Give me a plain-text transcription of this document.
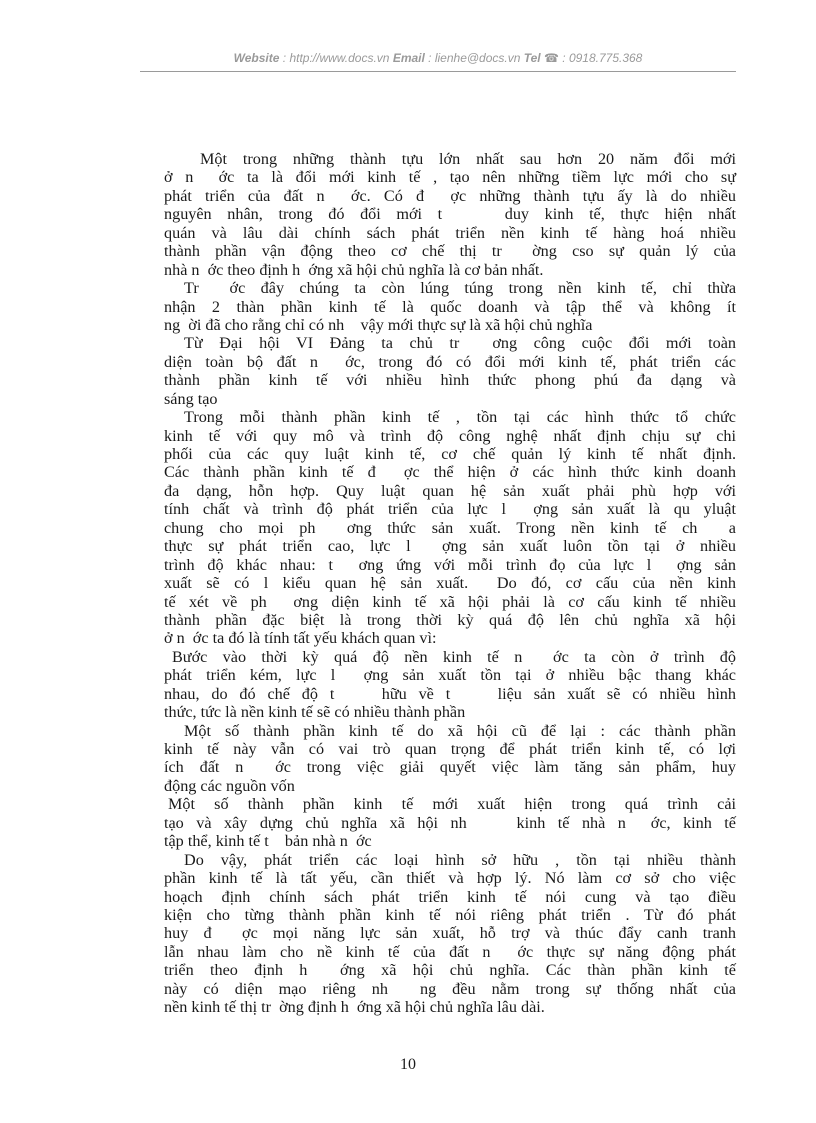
Website : http://www.docs.vn Email : lienhe@docs.vn Tel ☎ : 0918.775.368
Một trong những thành tựu lớn nhất sau hơn 20 năm đổi mới
ở n  ớc ta là đổi mới kinh tế , tạo nên những tiềm lực mới cho sự
phát triển của đất n  ớc. Có đ  ợc những thành tựu ấy là do nhiều
nguyên nhân, trong đó đổi mới t    duy kinh tế, thực hiện nhất
quán và lâu dài chính sách phát triển nền kinh tế hàng hoá nhiều
thành phần vận động theo cơ chế thị tr  ờng cso sự quản lý của
nhà n  ớc theo định h  ớng xã hội chủ nghĩa là cơ bản nhất.
Tr  ớc đây chúng ta còn lúng túng trong nền kinh tế, chỉ thừa
nhận 2 thàn phần kinh tế là quốc doanh và tập thể và không ít
ng  ời đã cho rằng chỉ có nh    vậy mới thực sự là xã hội chủ nghĩa
Từ Đại hội VI Đảng ta chủ tr  ơng công cuộc đổi mới toàn
diện toàn bộ đất n  ớc, trong đó có đổi mới kinh tế, phát triển các
thành phần kinh tế với nhiều hình thức phong phú đa dạng và
sáng tạo
Trong mỗi thành phần kinh tế , tồn tại các hình thức tổ chức
kinh tế với quy mô và trình độ công nghệ nhất định chịu sự chi
phối của các quy luật kinh tế, cơ chế quản lý kinh tế nhất định.
Các thành phần kinh tế đ  ợc thể hiện ở các hình thức kinh doanh
đa dạng, hỗn hợp. Quy luật quan hệ sản xuất phải phù hợp với
tính chất và trình độ phát triển của lực l  ợng sản xuất là qu yluật
chung cho mọi ph  ơng thức sản xuất. Trong nền kinh tế ch  a
thực sự phát triển cao, lực l  ợng sản xuất luôn tồn tại ở nhiều
trình độ khác nhau: t  ơng ứng với mỗi trình đọ của lực l  ợng sản
xuất sẽ có l kiểu quan hệ sản xuất.  Do đó, cơ cấu của nền kinh
tế xét về ph  ơng diện kinh tế xã hội phải là cơ cấu kinh tế nhiều
thành phần đặc biệt là trong thời kỳ quá độ lên chủ nghĩa xã hội
ở n  ớc ta đó là tính tất yếu khách quan vì:
Bước vào thời kỳ quá độ nền kinh tế n  ớc ta còn ở trình độ
phát triển kém, lực l  ợng sản xuất tồn tại ở nhiều bậc thang khác
nhau, do đó chế độ t    hữu về t    liệu sản xuất sẽ có nhiều hình
thức, tức là nền kinh tế sẽ có nhiều thành phần
Một số thành phần kinh tế do xã hội cũ để lại : các thành phần
kinh tế này vẫn có vai trò quan trọng để phát triển kinh tế, có lợi
ích đất n  ớc trong việc giải quyết việc làm tăng sản phẩm, huy
động các nguồn vốn
Một số thành phần kinh tế mới xuất hiện trong quá trình cải
tạo và xây dựng chủ nghĩa xã hội nh    kinh tế nhà n  ớc, kinh tế
tập thể, kinh tế t    bản nhà n  ớc
Do vậy, phát triển các loại hình sở hữu , tồn tại nhiều thành
phần kinh tế là tất yếu, cần thiết và hợp lý. Nó làm cơ sở cho việc
hoạch định chính sách phát triển kinh tế nói cung và tạo điều
kiện cho từng thành phần kinh tế nói riêng phát triển . Từ đó phát
huy đ  ợc mọi năng lực sản xuất, hỗ trợ và thúc đẩy canh tranh
lẫn nhau làm cho nề kinh tế của đất n  ớc thực sự năng động phát
triển theo định h  ớng xã hội chủ nghĩa. Các thàn phần kinh tế
này có diện mạo riêng nh  ng đều nằm trong sự thống nhất của
nền kinh tế thị tr  ờng định h  ớng xã hội chủ nghĩa lâu dài.
10
